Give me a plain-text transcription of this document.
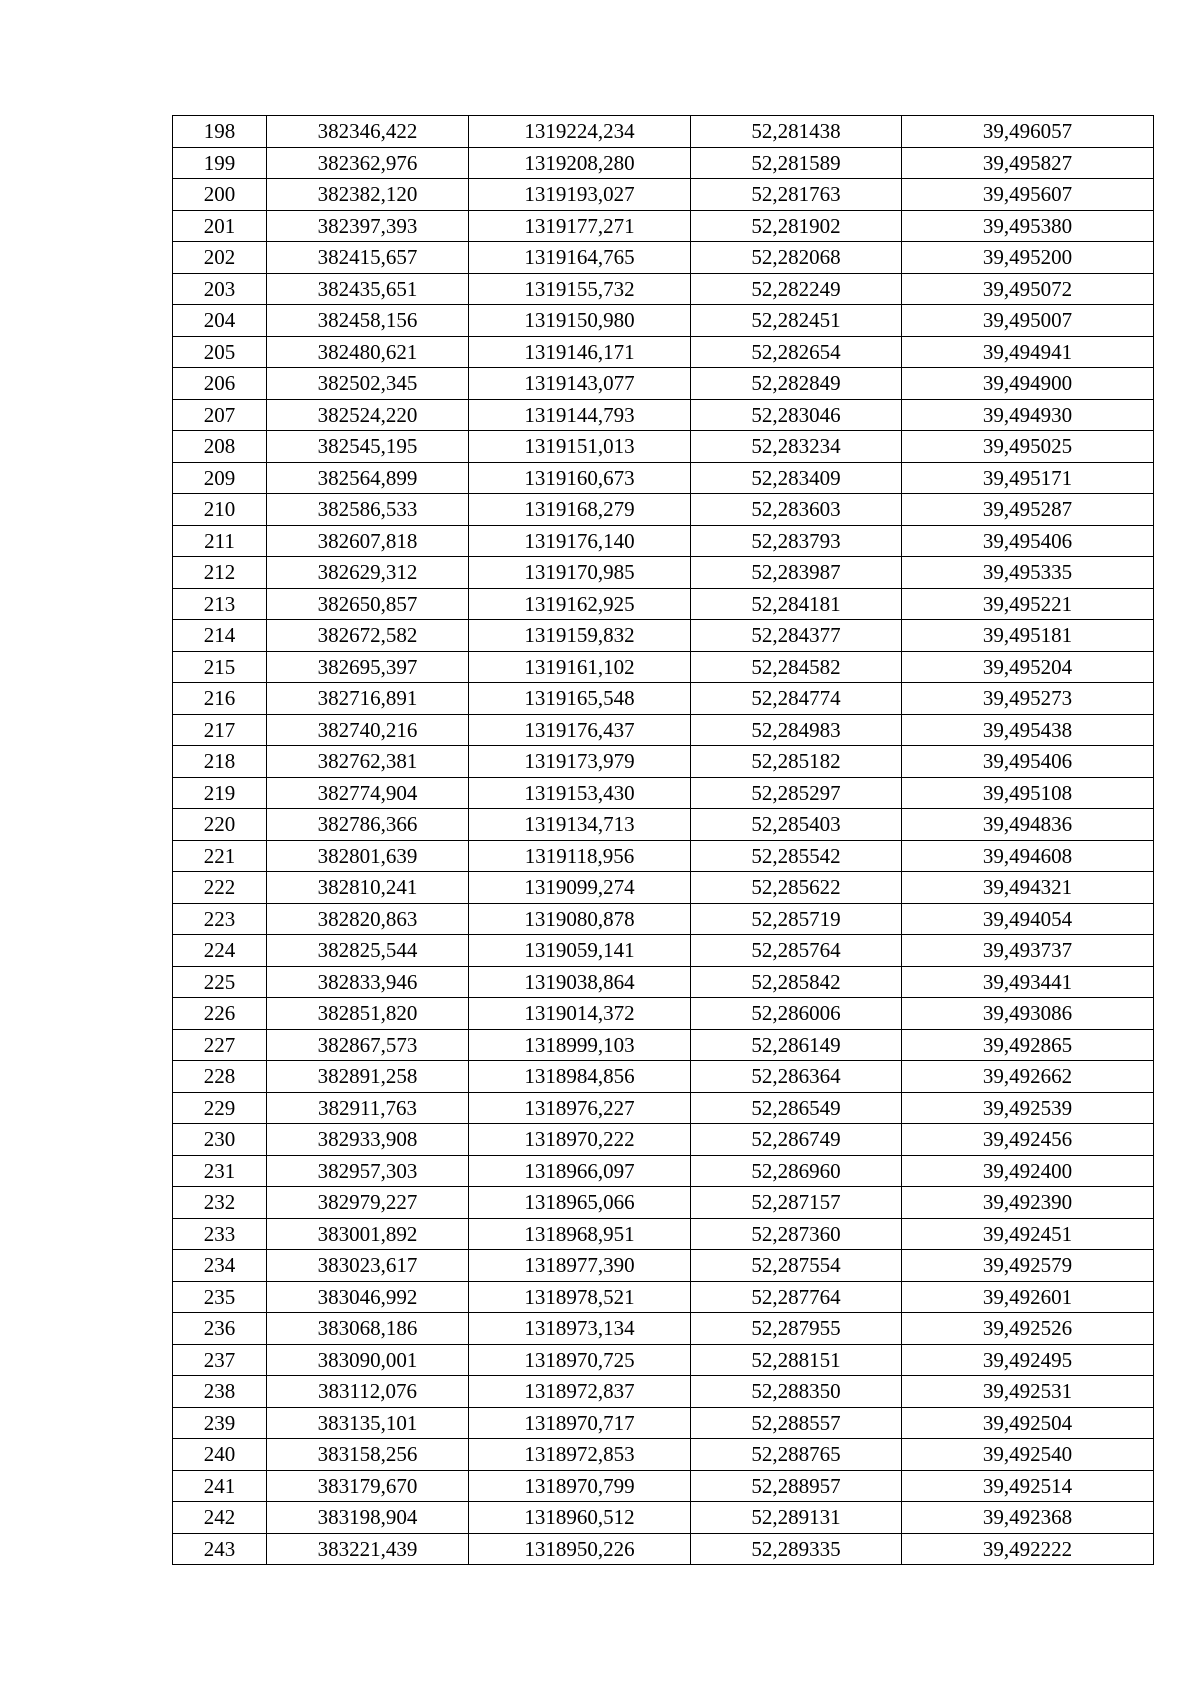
198	382346,422	1319224,234	52,281438	39,496057
199	382362,976	1319208,280	52,281589	39,495827
200	382382,120	1319193,027	52,281763	39,495607
201	382397,393	1319177,271	52,281902	39,495380
202	382415,657	1319164,765	52,282068	39,495200
203	382435,651	1319155,732	52,282249	39,495072
204	382458,156	1319150,980	52,282451	39,495007
205	382480,621	1319146,171	52,282654	39,494941
206	382502,345	1319143,077	52,282849	39,494900
207	382524,220	1319144,793	52,283046	39,494930
208	382545,195	1319151,013	52,283234	39,495025
209	382564,899	1319160,673	52,283409	39,495171
210	382586,533	1319168,279	52,283603	39,495287
211	382607,818	1319176,140	52,283793	39,495406
212	382629,312	1319170,985	52,283987	39,495335
213	382650,857	1319162,925	52,284181	39,495221
214	382672,582	1319159,832	52,284377	39,495181
215	382695,397	1319161,102	52,284582	39,495204
216	382716,891	1319165,548	52,284774	39,495273
217	382740,216	1319176,437	52,284983	39,495438
218	382762,381	1319173,979	52,285182	39,495406
219	382774,904	1319153,430	52,285297	39,495108
220	382786,366	1319134,713	52,285403	39,494836
221	382801,639	1319118,956	52,285542	39,494608
222	382810,241	1319099,274	52,285622	39,494321
223	382820,863	1319080,878	52,285719	39,494054
224	382825,544	1319059,141	52,285764	39,493737
225	382833,946	1319038,864	52,285842	39,493441
226	382851,820	1319014,372	52,286006	39,493086
227	382867,573	1318999,103	52,286149	39,492865
228	382891,258	1318984,856	52,286364	39,492662
229	382911,763	1318976,227	52,286549	39,492539
230	382933,908	1318970,222	52,286749	39,492456
231	382957,303	1318966,097	52,286960	39,492400
232	382979,227	1318965,066	52,287157	39,492390
233	383001,892	1318968,951	52,287360	39,492451
234	383023,617	1318977,390	52,287554	39,492579
235	383046,992	1318978,521	52,287764	39,492601
236	383068,186	1318973,134	52,287955	39,492526
237	383090,001	1318970,725	52,288151	39,492495
238	383112,076	1318972,837	52,288350	39,492531
239	383135,101	1318970,717	52,288557	39,492504
240	383158,256	1318972,853	52,288765	39,492540
241	383179,670	1318970,799	52,288957	39,492514
242	383198,904	1318960,512	52,289131	39,492368
243	383221,439	1318950,226	52,289335	39,492222
